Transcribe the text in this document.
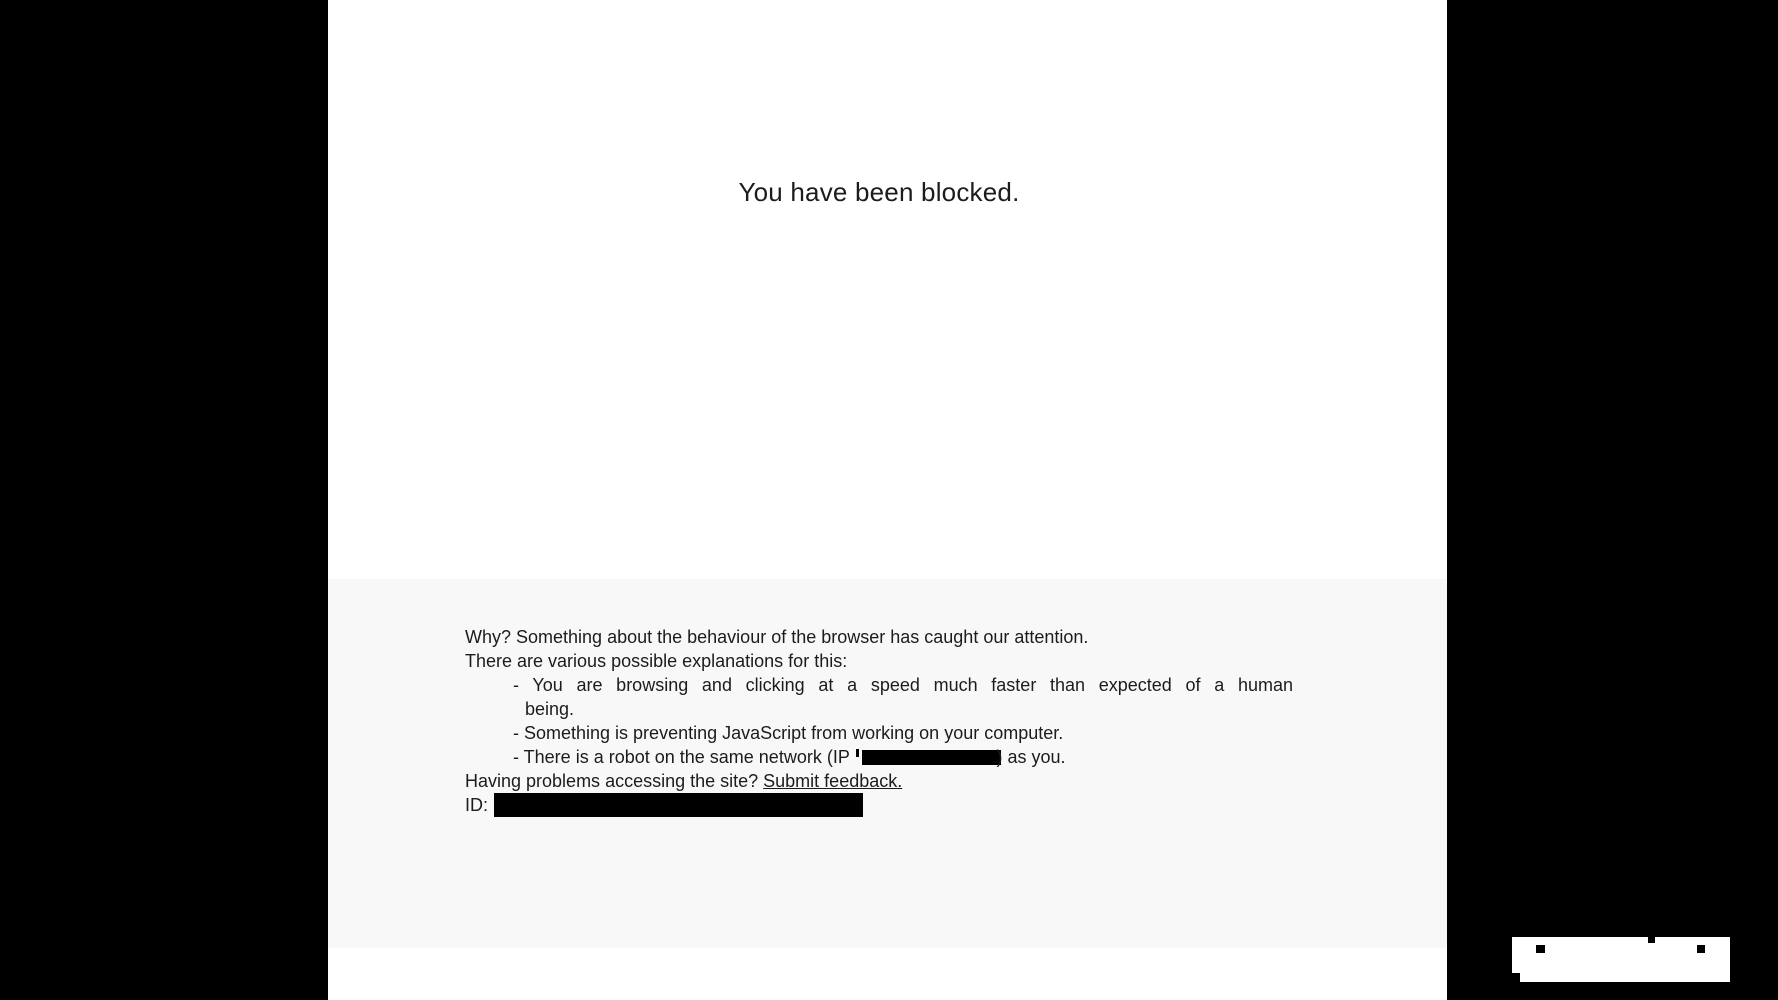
You have been blocked.

Why? Something about the behaviour of the browser has caught our attention.

There are various possible explanations for this:

- You are browsing and clicking at a speed much faster than expected of a human
being.
- Something is preventing JavaScript from working on your computer.
- There is a robot on the same network (IP	) as you.

Having problems accessing the site? Submit feedback.

ID:
